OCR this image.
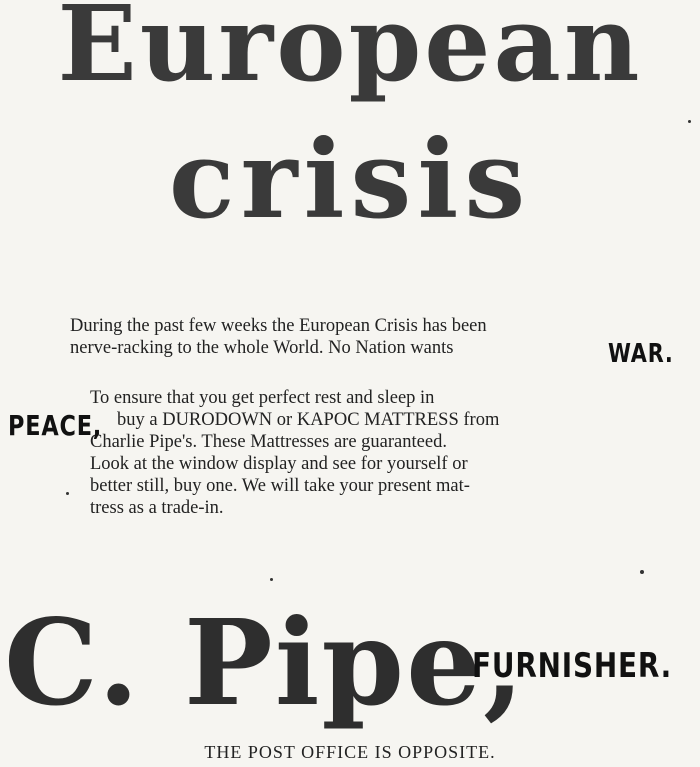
European
crisis
During the past few weeks the European Crisis has been
nerve-racking to the whole World. No Nation wants	WAR.
To ensure that you get perfect rest and sleep in
buy a DURODOWN or KAPOC MATTRESS from
Charlie Pipe's. These Mattresses are guaranteed.
Look at the window display and see for yourself or
better still, buy one. We will take your present mat-
tress as a trade-in.
PEACE,
C. Pipe,
FURNISHER.
THE POST OFFICE IS OPPOSITE.
